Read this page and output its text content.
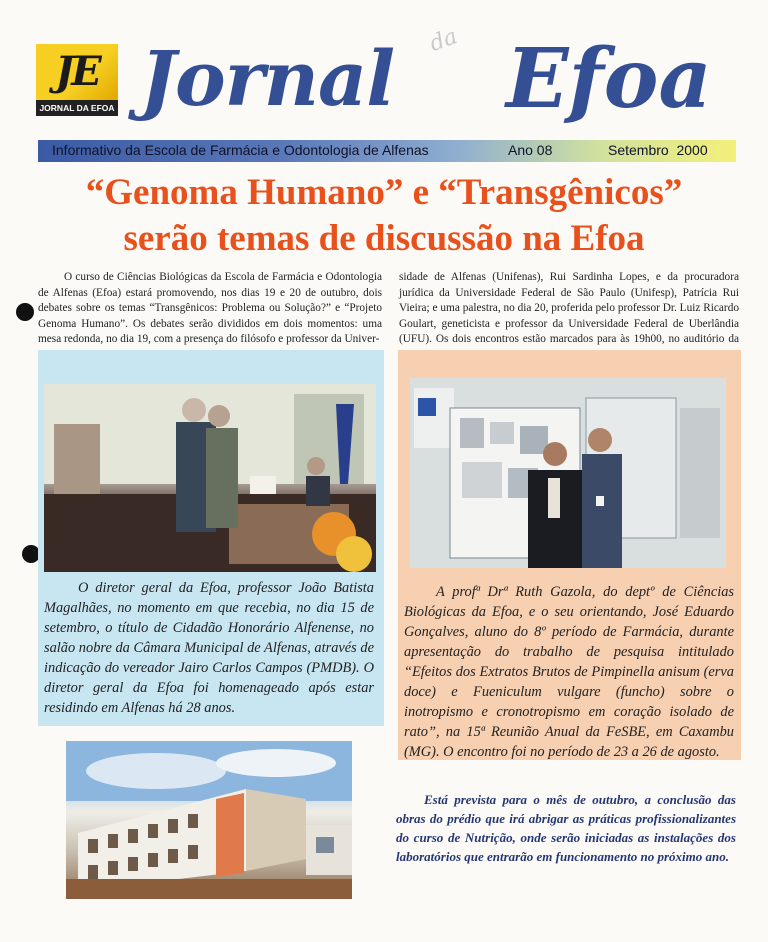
JE
JORNAL DA EFOA Jornal da Efoa
Informativo da Escola de Farmácia e Odontologia de Alfenas	Ano 08	Setembro  2000
“Genoma Humano” e “Transgênicos”
serão temas de discussão na Efoa
O curso de Ciências Biológicas da Escola de Farmácia e Odontologia de Alfenas (Efoa) estará promovendo, nos dias 19 e 20 de outubro, dois debates sobre os temas “Transgênicos: Problema ou Solução?” e “Projeto Genoma Humano”. Os debates serão divididos em dois momentos: uma mesa redonda, no dia 19, com a presença do filósofo e professor da Univer-
sidade de Alfenas (Unifenas), Rui Sardinha Lopes, e da procuradora jurídica da Universidade Federal de São Paulo (Unifesp), Patrícia Rui Vieira; e uma palestra, no dia 20, proferida pelo professor Dr. Luiz Ricardo Goulart, geneticista e professor da Universidade Federal de Uberlândia (UFU). Os dois encontros estão marcados para às 19h00, no auditório da
O diretor geral da Efoa, professor João Batista Magalhães, no momento em que recebia, no dia 15 de setembro, o título de Cidadão Honorário Alfenense, no salão nobre da Câmara Municipal de Alfenas, através de indicação do vereador Jairo Carlos Campos (PMDB). O diretor geral da Efoa foi homenageado após estar residindo em Alfenas há 28 anos.
A profª Drª Ruth Gazola, do deptº de Ciências Biológicas da Efoa, e o seu orientando, José Eduardo Gonçalves, aluno do 8º período de Farmácia, durante apresentação do trabalho de pesquisa intitulado “Efeitos dos Extratos Brutos de Pimpinella anisum (erva doce) e Fueniculum vulgare (funcho) sobre o inotropismo e cronotropismo em coração isolado de rato”, na 15ª Reunião Anual da FeSBE, em Caxambu (MG). O encontro foi no período de 23 a 26 de agosto.
Está prevista para o mês de outubro, a conclusão das obras do prédio que irá abrigar as práticas profissionalizantes do curso de Nutrição, onde serão iniciadas as instalações dos laboratórios que entrarão em funcionamento no próximo ano.
